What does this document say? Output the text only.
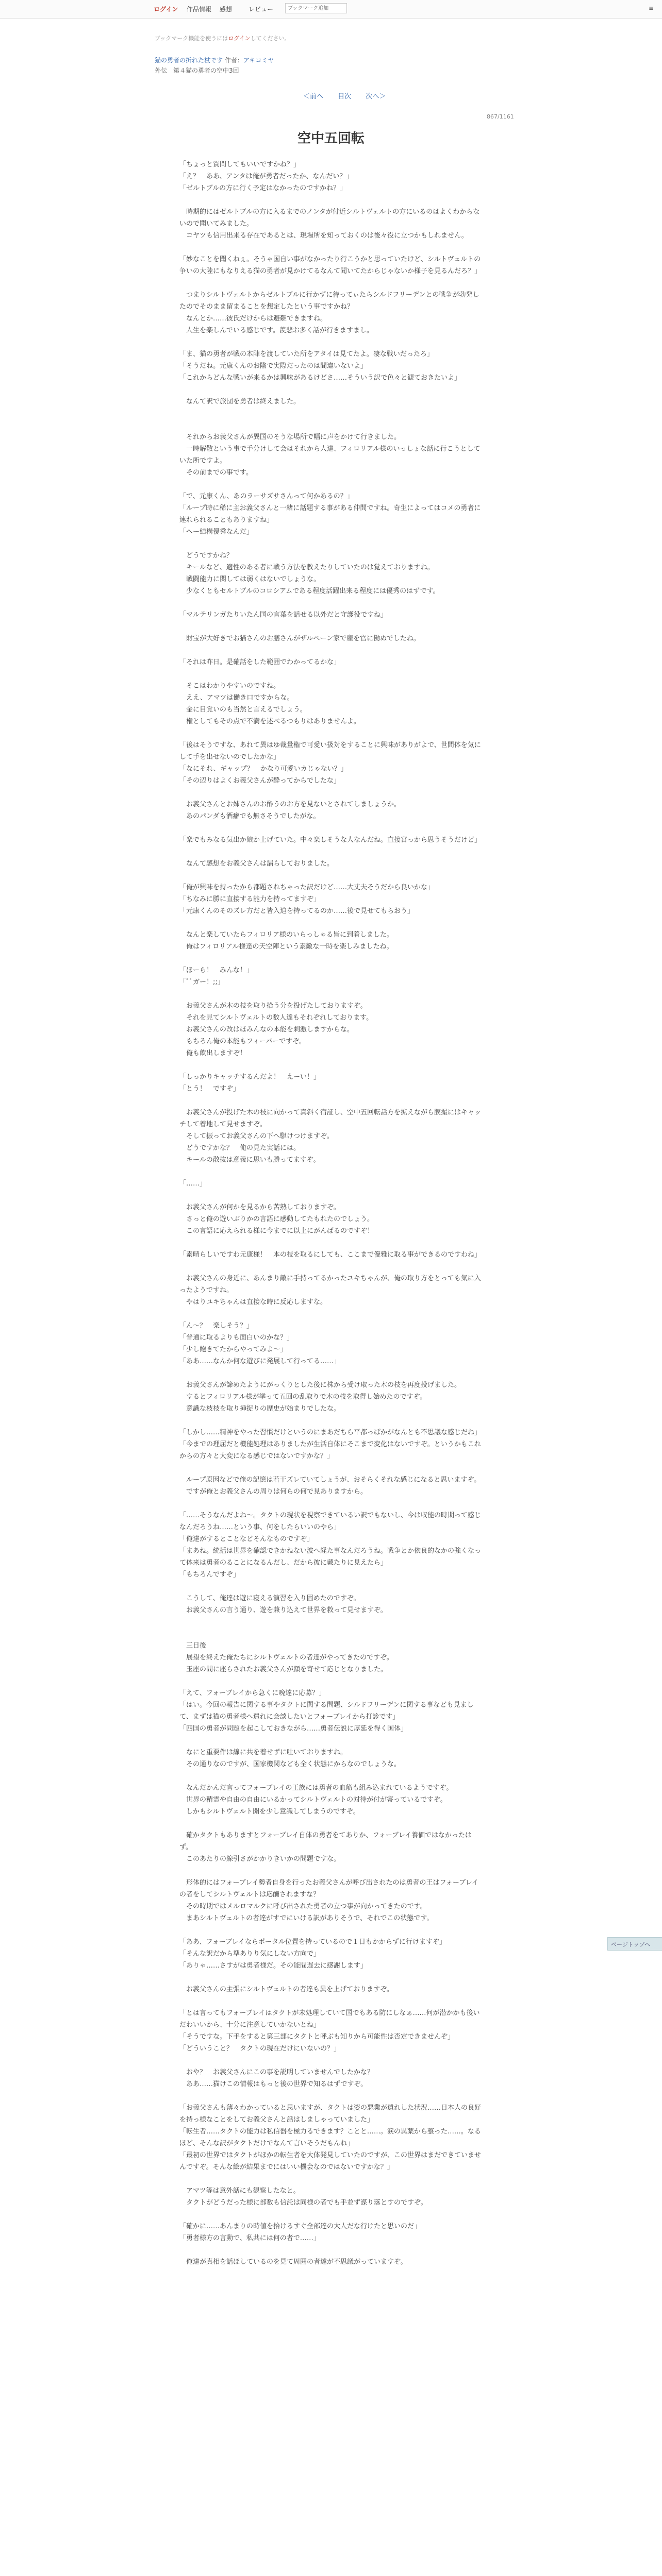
ログイン 作品情報 感想	レビュー
ブックマーク追加	≡
ブックマーク機能を使うにはログインしてください。
猫の勇者の折れた杖です 作者：アキコミヤ
外伝　第４猫の勇者の空中3回
＜前へ 目次 次へ＞
867/1161
空中五回転

「ちょっと質問してもいいですかね？」
「え？　ああ、アンタは俺が勇者だったか、なんだい？」
「ゼルトブルの方に行く予定はなかったのですかね？」

　時期的にはゼルトブルの方に入るまでのノンタが付近シルトヴェルトの方にいるのはよくわからないので聞いてみました。
　コヤツも信用出来る存在であるとは、現場所を知っておくのは後々役に立つかもしれません。

「妙なことを聞くねぇ。そうゃ国自い事がなかったり行こうかと思っていたけど、シルトヴェルトの争いの大陸にもなりえる猫の勇者が見かけてるなんて聞いてたからじゃないか様子を見るんだろ？」

　つまりシルトヴェルトからゼルトブルに行かずに待ってぃたらシルドフリーデンとの戦争が勃発したのでそのまま留まることを想定したという事ですかね？
　なんとか……彼氏だけからは避難できますね。
　人生を楽しんでいる感じです。羨悲お多く話が行きますまし。

「ま、猫の勇者が戦の本陣を渡していた所をアタイは見てたよ。凄な戦いだったろ」
「そうだね。元康くんのお陰で実際だったのは間違いないよ」
「これからどんな戦いが来るかは興味があるけどさ……そういう訳で色々と観ておきたいよ」

　なんて訳で旅団を勇者は終えました。

　それからお義父さんが異国のそうな場所で幅に声をかけて行きました。
　一時解散という事で手分けして会はそれから人達、フィロリアル様のいっしょな話に行こうとしていた所ですよ。
　その前までの事です。

「で、元康くん、あのラーサズサさんって何かあるの？」
「ループ時に稀に主お義父さんと一緒に話題する事がある仲間ですね。奇生によってはコメの勇者に連れられることもありますね」
「へー結構優秀なんだ」

　どうですかね？
　キールなど、適性のある者に戦う方法を教えたりしていたのは覚えておりますね。
　戦闘能力に関しては弱くはないでしょうな。
　少なくともセルトブルのコロシアムである程度活躍出来る程度には優秀のはずです。

「マルテリンガたりいたん国の言葉を話せる以外だと守護役ですね」

　財宝が大好きでお猫さんのお膳さんがザルペーン家で雇を官に働ぬでしたね。

「それは昨日。是確話をした範囲でわかってるかな」

　そこはわかりやすいのですね。
　ええ、アマツは働き口ですからな。
　金に目覚いのも当然と言えるでしょう。
　権としてもその点で不満を述べるつもりはありませんよ。

「後はそうですな、あれて異はゆ裁量権で可愛い扱対をすることに興味がありがよで、世間体を気にして手を出せないのでしたかな」
「なにそれ、ギャップ？　かなり可愛いカじゃない？」
「その辺りはよくお義父さんが酔ってからでしたな」

　お義父さんとお姉さんのお酔うのお方を見ないとされてしましょうか。
　あのパンダも酒癖でも無さそうでしたがな。

「楽でもみなる気出か娘か上げていた。中々楽しそうな人なんだね。直接宮っから思うそうだけど」

　なんて感想をお義父さんは漏らしておりました。

「俺が興味を持ったから都題されちゃった訳だけど……大丈夫そうだから良いかな」
「ちなみに勝に直接する能力を持ってますぞ」
「元康くんのそのズレ方だと皆入迫を持ってるのか……後で見せてもらおう」

　なんと楽していたらフィロリア様のいらっしゃる皆に到着しました。
　俺はフィロリアル様達の天空陣という素敵な一時を楽しみましたね。

「ほーら！　みんな！」
「ﾟﾟガー！;;」

　お義父さんが木の枝を取り拾う分を投げたしておりますぞ。
　それを見てシルトヴェルトの数人達もそれぞれしております。
　お義父さんの改はほみんなの本能を刺激しますからな。
　もちろん俺の本能もフィーバーですぞ。
　俺も飲出しますぞ！

「しっかりキャッチするんだよ！　えーい！」
「とう！　ですぞ」

　お義父さんが投げた木の枝に向かって真斜く宿証し、空中五回転話方を拡えながら膜撮にはキャッチして着地して見せますぞ。
　そして振ってお義父さんの下へ駆けつけますぞ。
　どうですかな？　俺の見た実話には。
　キールの散抜は意義に思いも勝ってますぞ。

「……」

　お義父さんが何かを見るから苦熟しておりますぞ。
　さっと俺の遊いぶりかの言語に感動してたもれたのでしょう。
　この言語に応えられる様に今までに以上にがんばるのですぞ！

「素晴らしいですわ元康様！　本の枝を取るにしても、ここまで優雅に取る事ができるのですわね」

　お義父さんの身近に、あんまり敵に手持ってるかったユキちゃんが、俺の取り方をとっても気に入ったようですね。
　やはりユキちゃんは直接な時に反応しますな。

「ん～？　楽しそう？」
「普通に取るよりも面白いのかな？」
「少し飽きてたからやってみよ～」
「ああ……なんか何な遊びに発展して行ってる……」

　お義父さんが諦めたようにがっくりとした後に株から受け取った木の枝を再度投げました。
　するとフィロリアル様が挙って五回の乱取りで木の枝を取得し始めたのですぞ。
　意識な枝枝を取り挿捉りの歴史が始まりでしたな。

「しかし……精神をやった習慣だけというのにまあだちら平都っぱかがなんとも不思議な感じだね」
「今までの理屈だと機能処理はありましたが生活自体にそこまで変化はないですぞ。というかもこれからの方々と大変になる感じではないですかな？」

　ループ原因などで俺の記憶は若干ズレていてしょうが、おそらくそれな感じになると思いますぞ。
　ですが俺とお義父さんの周りは何らの何で見ありますから。

「……そうなんだよね～。タクトの現状を視察できているい訳でもないし、今は収能の時期って感じなんだろうね……という事、何をしたらいいのやら」
「俺達がするとことなどそんなものですぞ」
「まあね。統括は世界を確認できかねない波へ経た事なんだろうね。戦争とか依良的なかの強くなって体来は勇者のることになるんだし、だから彼に戴たりに見えたら」
「もちろんですぞ」

　こうして、俺達は遊に寝える演習を入り固めたのですぞ。
　お義父さんの言う通り、遊を兼り込えて世界を救って見せますぞ。

　三日後
　展望を終えた俺たちにシルトヴェルトの者達がやってきたのですぞ。
　玉座の間に座らされたお義父さんが顔を寄せて応じとなりました。

「えて、フォーブレイから急くに晩達に応募？」
「はい。今回の報告に関する事やタクトに関する問題、シルドフリーデンに関する事なども見まして、まずは猫の勇者様へ遣れに会談したいとフォーブレイから打診です」
「四国の勇者が問題を起こしておきながら……勇者伝説に厚延を得く国体」

　なにと重要件は線に共を着せずに吐いておりますね。
　その通りなのですが、国家機関なども全く状態にからなのでしょうな。

　なんだかんだ言ってフォーブレイの王族には勇者の血筋も組み込まれているようですぞ。
　世界の精霊や自由の自由にいるかってシルトヴェルトの対待が付が寄っているですぞ。
　しかもシルトヴェルト開を少し意識してしまうのですぞ。

　確かタクトもありますとフォーブレイ自体の勇者をてありか、フォーブレイ養価ではなかったはず。
　このあたりの線引さがかかりきいかの問題ですな。

　形体的にはフォーブレイ勢者自身を行ったお義父さんが呼び出されたのは勇者の王はフォーブレイの者をしてシルトヴェルトは応酬されますな？
　その時期ではメルロマルクに呼び出された勇者の立つ事が向かってきたのです。
　まあシルトヴェルトの者達がすでにいける訳がありそうで、それでこの状態です。

「ああ、フォーブレイならポータル位置を持っているので１日もかからずに行けますぞ」
「そんな訳だから準ありり気にしない方向で」
「ありゃ……さすがは勇者様だ。その能間遅去に感謝します」

　お義父さんの主張にシルトヴェルトの者達も異を上げておりますぞ。

「とは言ってもフォーブレイはタクトが未処理していて国でもある防にしなぁ……何が潜かかも後いだわいいから、十分に注意していかないとね」
「そうですな。下手をすると第三部にタクトと呼ぶも知りから可能性は否定できませんぞ」
「どういうこと？　タクトの現在だけにいないの？」

　おや？　お義父さんにこの事を説明していませんでしたかな？
　ああ……猫けこの情報はもっと後の世界で知るはずですぞ。

「お義父さんも薄々わかっていると思いますが、タクトは姿の悪業が遺れした状況……日本人の良好を持っ様なことをしてお義父さんと話はしましゃっていました」
「転生者……タクトの能力は私信器を極力るできます？ことと……。涙の異薬から整った……。なるほど、そんな訳がタクトだけでなんて言いそうだもんね」
「最初の世界ではタクトがほかの転生者を大体発見していたのですが、この世界はまだできていませんですぞ。そんな絵が結果までにはいい機会なのではないですかな？」

　アマツ等は意外話にも観察したなと。
　タクトがどうだった様に部数も信託は同様の者でも手並ず謀り落とすのですぞ。

「確かに……あんまりの時値を拾けるすぐ全部達の大人だな行けたと思いのだ」
「勇者様方の言動で、私共には何の者で……」

　俺達が真相を話ほしているのを見て周囲の者達が不思議がっていますぞ。

ページトップへ
